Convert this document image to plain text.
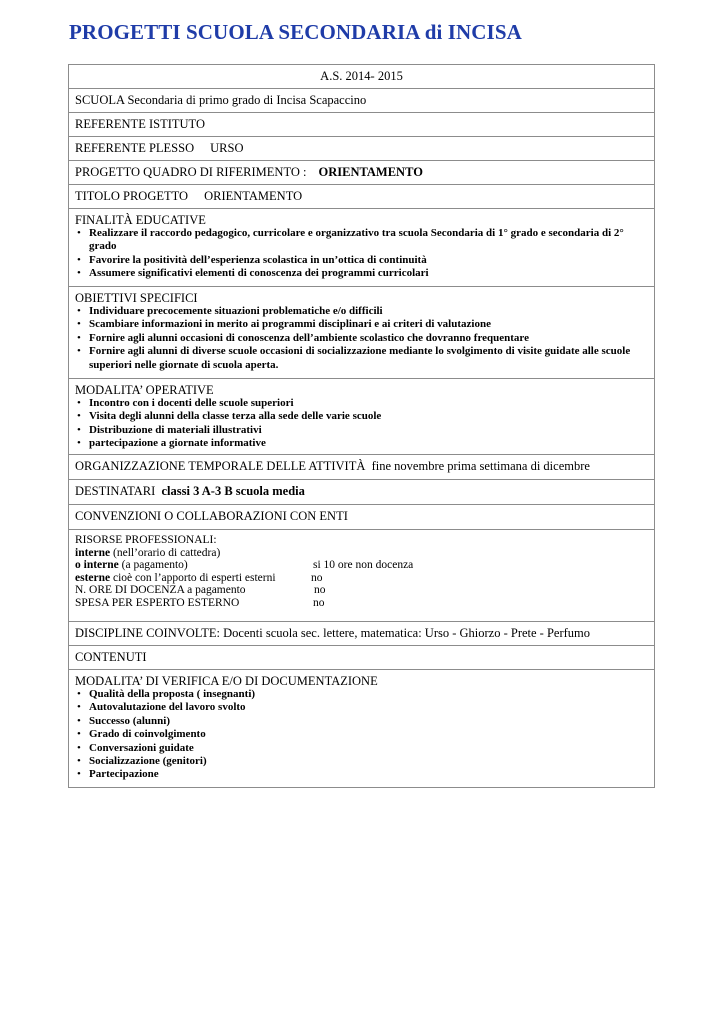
PROGETTI SCUOLA SECONDARIA di INCISA
A.S. 2014- 2015
SCUOLA Secondaria di primo grado di Incisa Scapaccino
REFERENTE ISTITUTO
REFERENTE PLESSO URSO
PROGETTO QUADRO DI RIFERIMENTO : ORIENTAMENTO
TITOLO PROGETTO ORIENTAMENTO

FINALITÀ EDUCATIVE
• Realizzare il raccordo pedagogico, curricolare e organizzativo tra scuola Secondaria di 1° grado e secondaria di 2° grado
• Favorire la positività dell’esperienza scolastica in un’ottica di continuità
• Assumere significativi elementi di conoscenza dei programmi curricolari

OBIETTIVI SPECIFICI
• Individuare precocemente situazioni problematiche e/o difficili
• Scambiare informazioni in merito ai programmi disciplinari e ai criteri di valutazione
• Fornire agli alunni occasioni di conoscenza dell’ambiente scolastico che dovranno frequentare
• Fornire agli alunni di diverse scuole occasioni di socializzazione mediante lo svolgimento di visite guidate alle scuole superiori nelle giornate di scuola aperta.

MODALITA’ OPERATIVE
• Incontro con i docenti delle scuole superiori
• Visita degli alunni della classe terza alla sede delle varie scuole
• Distribuzione di materiali illustrativi
• partecipazione a giornate informative

ORGANIZZAZIONE TEMPORALE DELLE ATTIVITÀ fine novembre prima settimana di dicembre
DESTINATARI classi 3 A-3 B scuola media
CONVENZIONI O COLLABORAZIONI CON ENTI

RISORSE PROFESSIONALI:
interne (nell’orario di cattedra)
o interne (a pagamento)	si 10 ore non docenza
esterne cioè con l’apporto di esperti esterni	no
N. ORE DI DOCENZA a pagamento	no
SPESA PER ESPERTO ESTERNO	no

DISCIPLINE COINVOLTE: Docenti scuola sec. lettere, matematica: Urso - Ghiorzo - Prete - Perfumo
CONTENUTI

MODALITA’ DI VERIFICA E/O DI DOCUMENTAZIONE
• Qualità della proposta ( insegnanti)
• Autovalutazione del lavoro svolto
• Successo (alunni)
• Grado di coinvolgimento
• Conversazioni guidate
• Socializzazione (genitori)
• Partecipazione
